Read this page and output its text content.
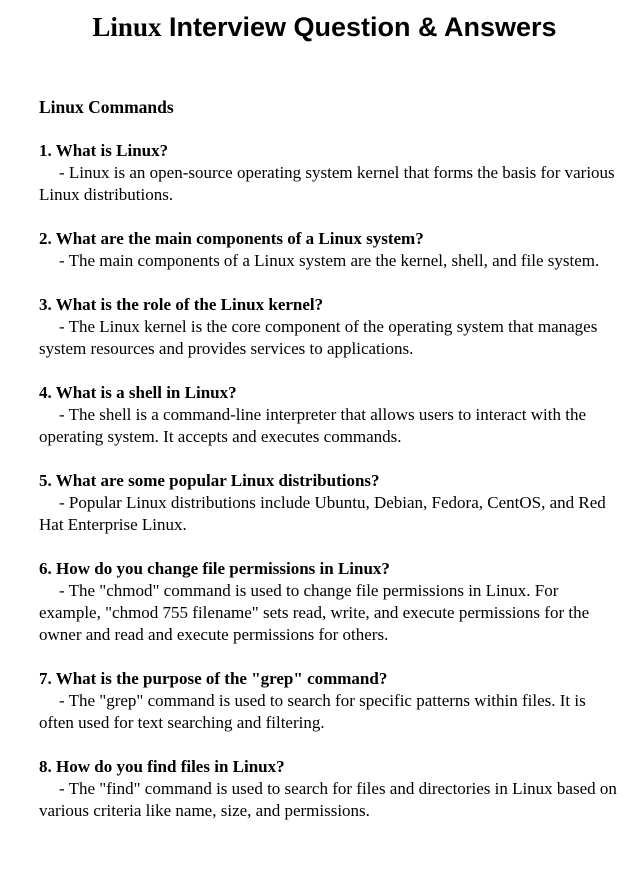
Linux Interview Question & Answers

Linux Commands

1. What is Linux?

- Linux is an open-source operating system kernel that forms the basis for various Linux distributions.

2. What are the main components of a Linux system?

- The main components of a Linux system are the kernel, shell, and file system.

3. What is the role of the Linux kernel?

- The Linux kernel is the core component of the operating system that manages system resources and provides services to applications.

4. What is a shell in Linux?

- The shell is a command-line interpreter that allows users to interact with the operating system. It accepts and executes commands.

5. What are some popular Linux distributions?

- Popular Linux distributions include Ubuntu, Debian, Fedora, CentOS, and Red Hat Enterprise Linux.

6. How do you change file permissions in Linux?

- The "chmod" command is used to change file permissions in Linux. For example, "chmod 755 filename" sets read, write, and execute permissions for the owner and read and execute permissions for others.

7. What is the purpose of the "grep" command?

- The "grep" command is used to search for specific patterns within files. It is often used for text searching and filtering.

8. How do you find files in Linux?

- The "find" command is used to search for files and directories in Linux based on various criteria like name, size, and permissions.
